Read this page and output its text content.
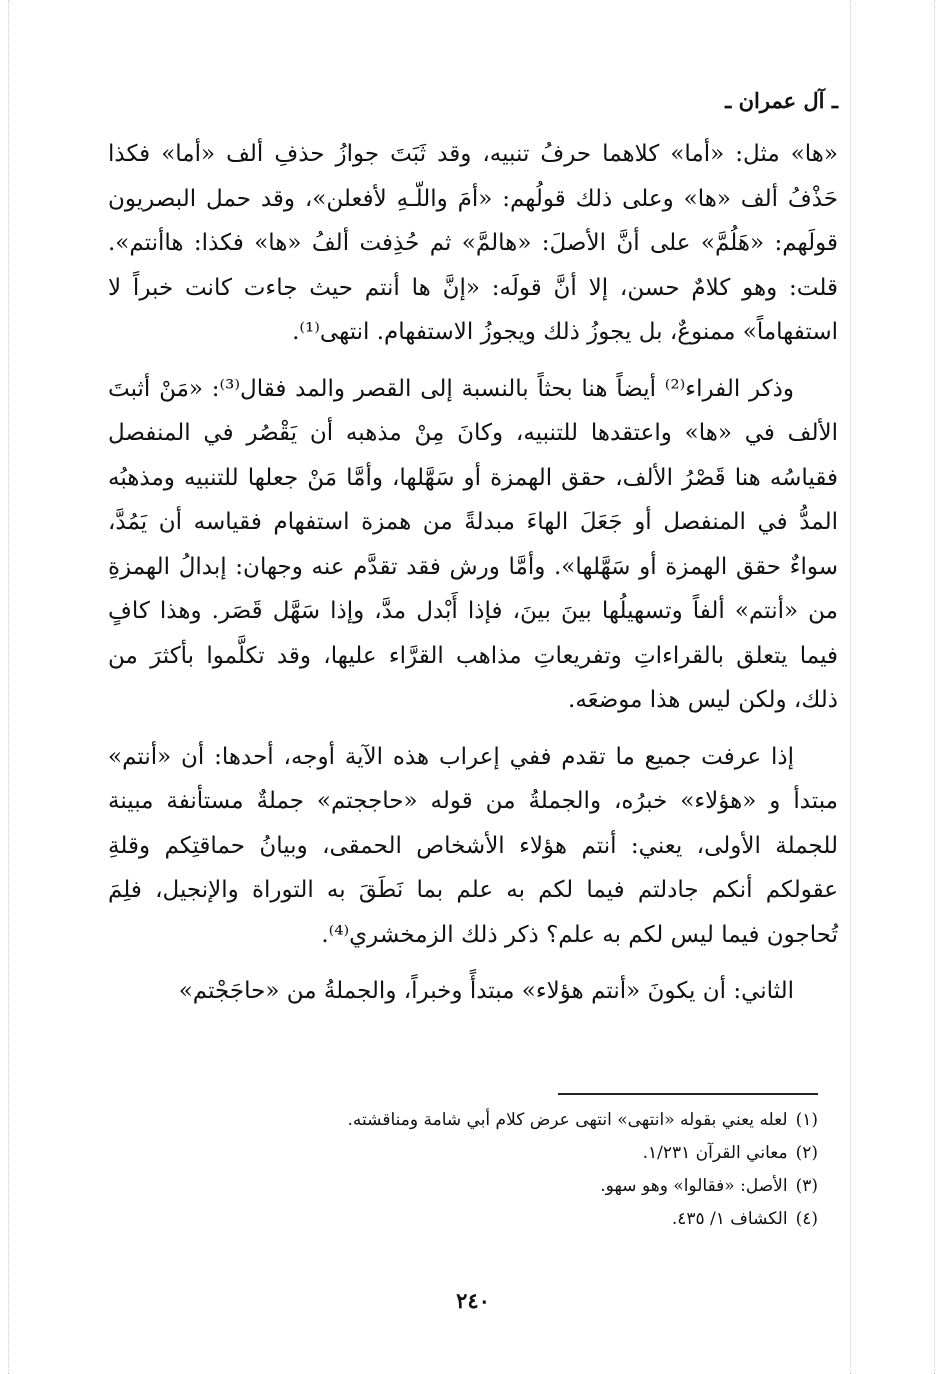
ـ آل عمران ـ

«ها» مثل: «أما» كلاهما حرفُ تنبيه، وقد ثَبَتَ جوازُ حذفِ ألف «أما» فكذا حَذْفُ ألف «ها» وعلى ذلك قولُهم: «أمَ واللّـهِ لأفعلن»، وقد حمل البصريون قولَهم: «هَلُمَّ» على أنَّ الأصلَ: «هالمَّ» ثم حُذِفت ألفُ «ها» فكذا: هاأنتم». قلت: وهو كلامٌ حسن، إلا أنَّ قولَه: «إنَّ ها أنتم حيث جاءت كانت خبراً لا استفهاماً» ممنوعٌ، بل يجوزُ ذلك ويجوزُ الاستفهام. انتهى⁽¹⁾.

وذكر الفراء⁽²⁾ أيضاً هنا بحثاً بالنسبة إلى القصر والمد فقال⁽³⁾: «مَنْ أثبتَ الألف في «ها» واعتقدها للتنبيه، وكانَ مِنْ مذهبه أن يَقْصُر في المنفصل فقياسُه هنا قَصْرُ الألف، حقق الهمزة أو سَهَّلها، وأمَّا مَنْ جعلها للتنبيه ومذهبُه المدُّ في المنفصل أو جَعَلَ الهاءَ مبدلةً من همزة استفهام فقياسه أن يَمُدَّ، سواءٌ حقق الهمزة أو سَهَّلها». وأمَّا ورش فقد تقدَّم عنه وجهان: إبدالُ الهمزةِ من «أنتم» ألفاً وتسهيلُها بينَ بينَ، فإذا أَبْدل مدَّ، وإذا سَهَّل قَصَر. وهذا كافٍ فيما يتعلق بالقراءاتِ وتفريعاتِ مذاهب القرَّاء عليها، وقد تكلَّموا بأكثرَ من ذلك، ولكن ليس هذا موضعَه.

إذا عرفت جميع ما تقدم ففي إعراب هذه الآية أوجه، أحدها: أن «أنتم» مبتدأ و «هؤلاء» خبرُه، والجملةُ من قوله «حاججتم» جملةٌ مستأنفة مبينة للجملة الأولى، يعني: أنتم هؤلاء الأشخاص الحمقى، وبيانُ حماقتِكم وقلةِ عقولكم أنكم جادلتم فيما لكم به علم بما نَطَقَ به التوراة والإنجيل، فلِمَ تُحاجون فيما ليس لكم به علم؟ ذكر ذلك الزمخشري⁽⁴⁾.

الثاني: أن يكونَ «أنتم هؤلاء» مبتدأً وخبراً، والجملةُ من «حاجَجْتم»

(١)لعله يعني بقوله «انتهى» انتهى عرض كلام أبي شامة ومناقشته.
(٢)معاني القرآن ١/٢٣١.
(٣)الأصل: «فقالوا» وهو سهو.
(٤)الكشاف ١/ ٤٣٥.
٢٤٠
